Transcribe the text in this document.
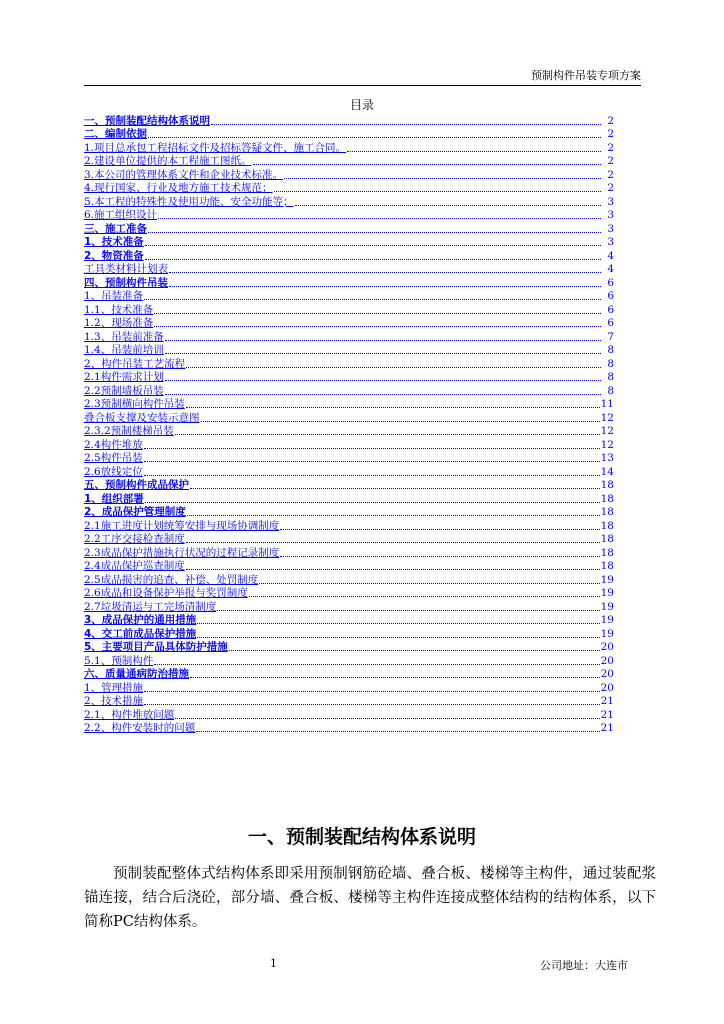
预制构件吊装专项方案
目录
一、预制装配结构体系说明	2
二、编制依据	2
1.项目总承包工程招标文件及招标答疑文件、施工合同。	2
2.建设单位提供的本工程施工图纸。	2
3.本公司的管理体系文件和企业技术标准。	2
4.现行国家、行业及地方施工技术规范；	2
5.本工程的特殊性及使用功能、安全功能等；	3
6.施工组织设计	3
三、施工准备	3
1、技术准备	3
2、物资准备	4
工具类材料计划表	4
四、预制构件吊装	6
1、吊装准备	6
1.1、技术准备	6
1.2、现场准备	6
1.3、吊装前准备	7
1.4、吊装前培训	8
2、构件吊装工艺流程	8
2.1构件需求计划	8
2.2预制墙板吊装	8
2.3预制横向构件吊装	11
叠合板支撑及安装示意图	12
2.3.2预制楼梯吊装	12
2.4构件堆放	12
2.5构件吊装	13
2.6放线定位	14
五、预制构件成品保护	18
1、组织部署	18
2、成品保护管理制度	18
2.1施工进度计划统筹安排与现场协调制度	18
2.2工序交接检查制度	18
2.3成品保护措施执行状况的过程记录制度	18
2.4成品保护巡查制度	18
2.5成品损害的追查、补偿、处罚制度	19
2.6成品和设备保护举报与奖罚制度	19
2.7垃圾清运与工完场清制度	19
3、成品保护的通用措施	19
4、交工前成品保护措施	19
5、主要项目产品具体防护措施	20
5.1、预制构件	20
六、质量通病防治措施	20
1、管理措施	20
2、技术措施	21
2.1、构件堆放问题	21
2.2、构件安装时的问题	21
一、预制装配结构体系说明

预制装配整体式结构体系即采用预制钢筋砼墙、叠合板、楼梯等主构件，通过装配浆锚连接，结合后浇砼，部分墙、叠合板、楼梯等主构件连接成整体结构的结构体系，以下简称PC结构体系。

1	公司地址：大连市
